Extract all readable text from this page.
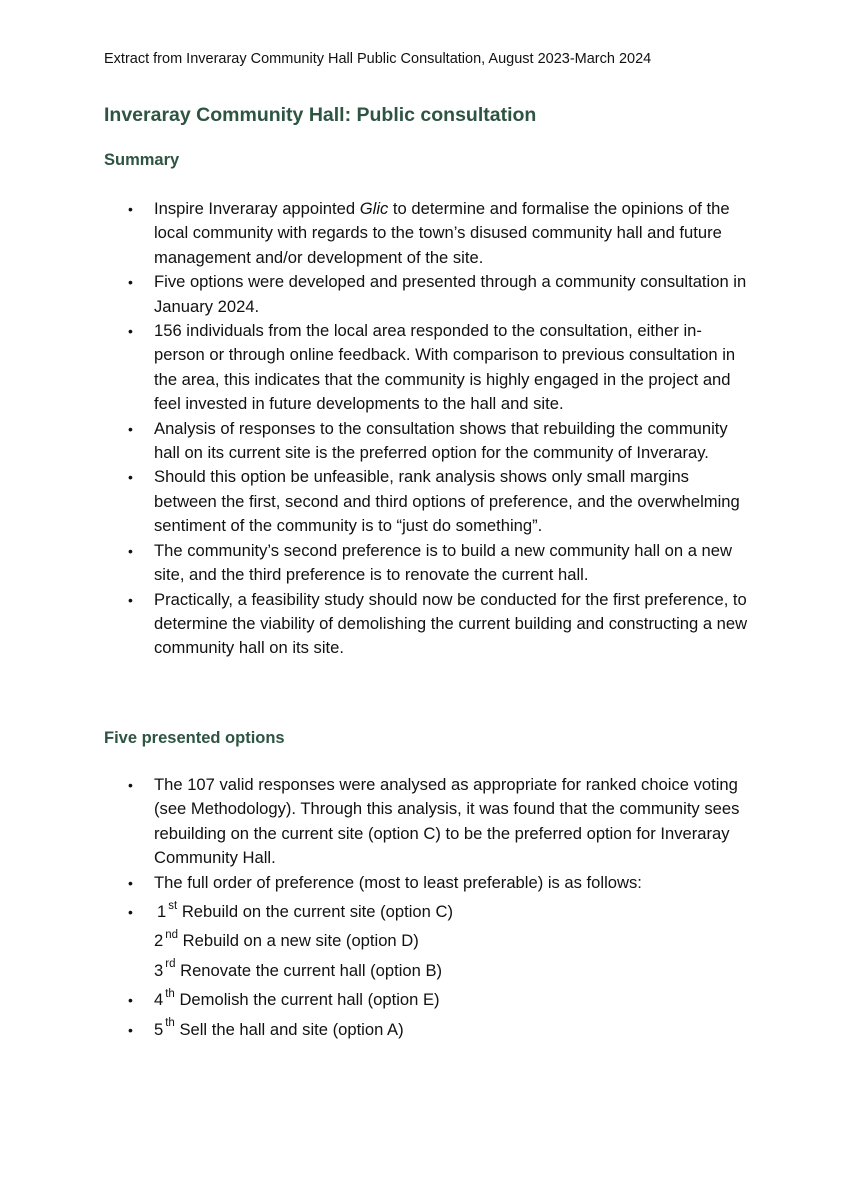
Extract from Inveraray Community Hall Public Consultation, August 2023-March 2024
Inveraray Community Hall: Public consultation
Summary
• Inspire Inveraray appointed Glic to determine and formalise the opinions of the local community with regards to the town’s disused community hall and future management and/or development of the site.
• Five options were developed and presented through a community consultation in January 2024.
• 156 individuals from the local area responded to the consultation, either in- person or through online feedback. With comparison to previous consultation in the area, this indicates that the community is highly engaged in the project and feel invested in future developments to the hall and site.
• Analysis of responses to the consultation shows that rebuilding the community hall on its current site is the preferred option for the community of Inveraray.
• Should this option be unfeasible, rank analysis shows only small margins between the first, second and third options of preference, and the overwhelming sentiment of the community is to “just do something”.
• The community’s second preference is to build a new community hall on a new site, and the third preference is to renovate the current hall.
• Practically, a feasibility study should now be conducted for the first preference, to determine the viability of demolishing the current building and constructing a new community hall on its site.
Five presented options
• The 107 valid responses were analysed as appropriate for ranked choice voting (see Methodology). Through this analysis, it was found that the community sees rebuilding on the current site (option C) to be the preferred option for Inveraray Community Hall.
• The full order of preference (most to least preferable) is as follows:
• 1 $^{st}$ Rebuild on the current site (option C)
2 $^{nd}$ Rebuild on a new site (option D)
3 $^{rd}$ Renovate the current hall (option B)
• 4 $^{th}$ Demolish the current hall (option E)
• 5 $^{th}$ Sell the hall and site (option A)
